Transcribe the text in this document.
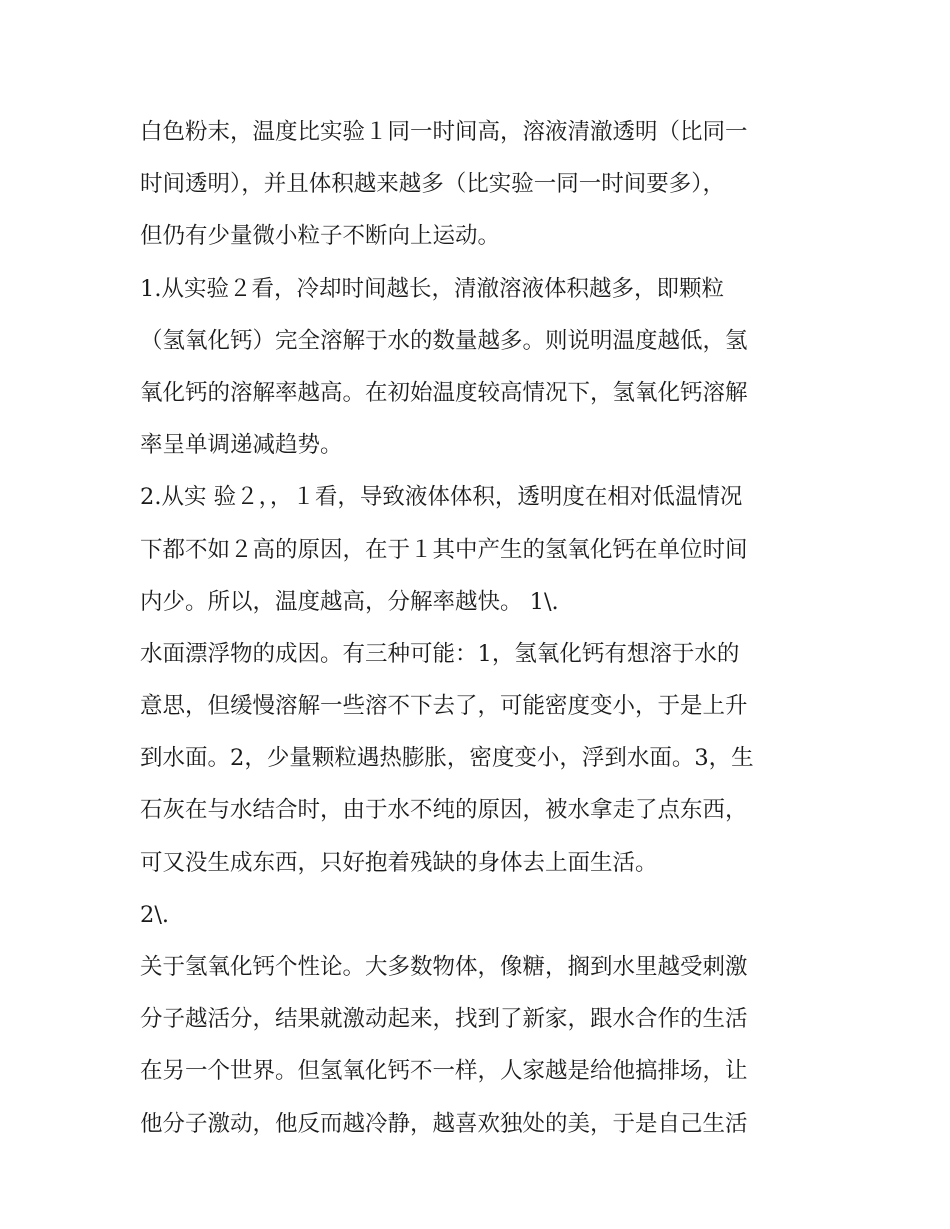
白色粉末，温度比实验１同一时间高，溶液清澈透明（比同一
时间透明），并且体积越来越多（比实验一同一时间要多），
但仍有少量微小粒子不断向上运动。
1.从实验２看，冷却时间越长，清澈溶液体积越多，即颗粒
（氢氧化钙）完全溶解于水的数量越多。则说明温度越低，氢
氧化钙的溶解率越高。在初始温度较高情况下，氢氧化钙溶解
率呈单调递减趋势。
2.从实 验２，，１看，导致液体体积，透明度在相对低温情况
下都不如２高的原因，在于１其中产生的氢氧化钙在单位时间
内少。所以，温度越高，分解率越快。 1\.
水面漂浮物的成因。有三种可能：1，氢氧化钙有想溶于水的
意思，但缓慢溶解一些溶不下去了，可能密度变小，于是上升
到水面。2，少量颗粒遇热膨胀，密度变小，浮到水面。3，生
石灰在与水结合时，由于水不纯的原因，被水拿走了点东西，
可又没生成东西，只好抱着残缺的身体去上面生活。
2\.
关于氢氧化钙个性论。大多数物体，像糖，搁到水里越受刺激
分子越活分，结果就激动起来，找到了新家，跟水合作的生活
在另一个世界。但氢氧化钙不一样，人家越是给他搞排场，让
他分子激动，他反而越冷静，越喜欢独处的美，于是自己生活
